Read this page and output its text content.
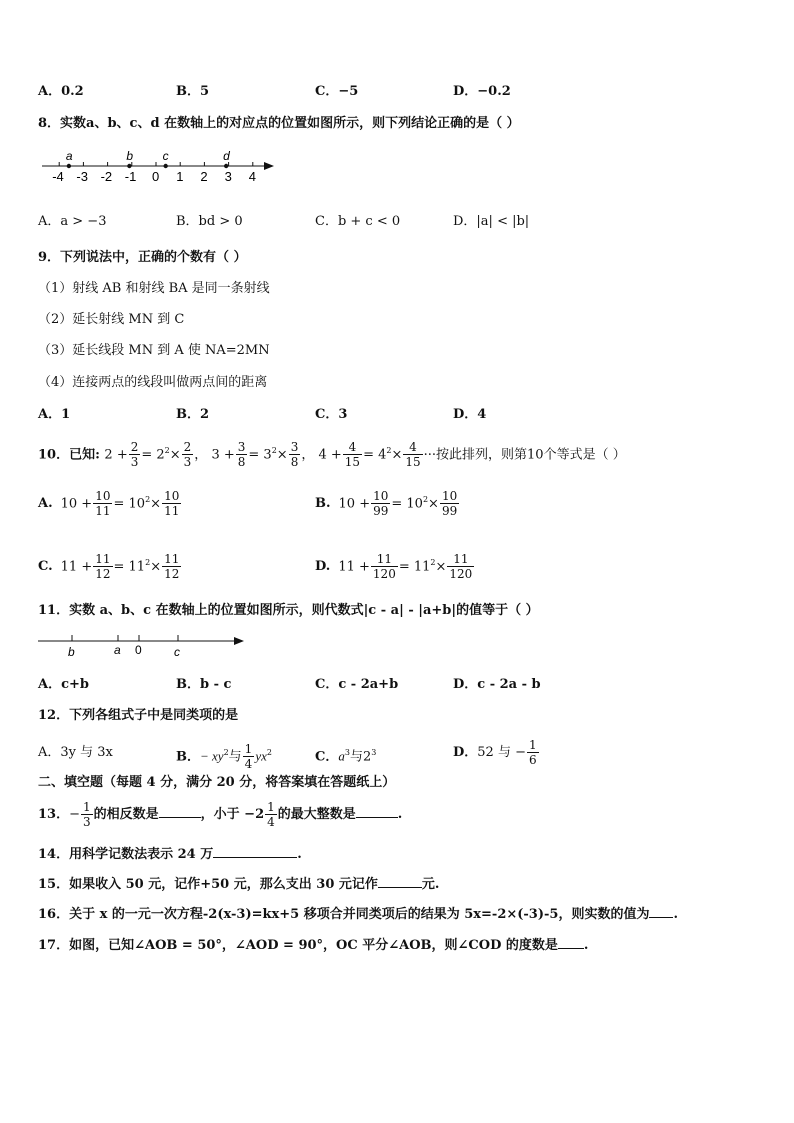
A．0.2	B．5	C．−5	D．−0.2
8．实数a、b、c、d 在数轴上的对应点的位置如图所示，则下列结论正确的是（ ）
-4 -3 -2 -1 0 1 2 3 4
a	b c	d
A．a > −3	B．bd > 0	C．b + c < 0	D．|a| < |b|
9．下列说法中，正确的个数有（ ）
（1）射线 AB 和射线 BA 是同一条射线
（2）延长射线 MN 到 C
（3）延长线段 MN 到 A 使 NA=2MN
（4）连接两点的线段叫做两点间的距离
A．1	B．2	C．3	D．4
10．已知: $2 + \frac{2}{3} = 2^2\times \frac{2}{3}$ ， $3 + \frac{3}{8} = 3^2\times \frac{3}{8}$ ， $4 + \frac{4}{15} = 4^2\times \frac{4}{15}$ ···按此排列，则第10个等式是（ ）
A. $10 + \frac{10}{11} = 10^2\times \frac{10}{11}$	B. $10 + \frac{10}{99} = 10^2\times \frac{10}{99}$
C. $11 + \frac{11}{12} = 11^2\times \frac{11}{12}$	D. $11 + \frac{11}{120} = 11^2\times \frac{11}{120}$
11．实数 a、b、c 在数轴上的位置如图所示，则代数式|c - a| - |a+b|的值等于（ ）
b	a 0	c
A．c+b	B．b - c	C．c - 2a+b	D．c - 2a - b
12．下列各组式子中是同类项的是
A．3y 与 3x	B．− $xy^2$与 $\frac{1}{4} yx^2$	C．$a^3$与$2^3$	D．52 与 − $\frac{1}{6}$
二、填空题（每题 4 分，满分 20 分，将答案填在答题纸上）
13．− $\frac{1}{3}$ 的相反数是	，小于 $-2 \frac{1}{4}$ 的最大整数是	.
14．用科学记数法表示 24 万	.
15．如果收入 50 元，记作+50 元，那么支出 30 元记作	元.
16．关于 x 的一元一次方程-2(x-3)=kx+5 移项合并同类项后的结果为 5x=-2×(-3)-5，则实数的值为 .
17．如图，已知∠AOB = 50°，∠AOD = 90°，OC 平分∠AOB，则∠COD 的度数是 .
